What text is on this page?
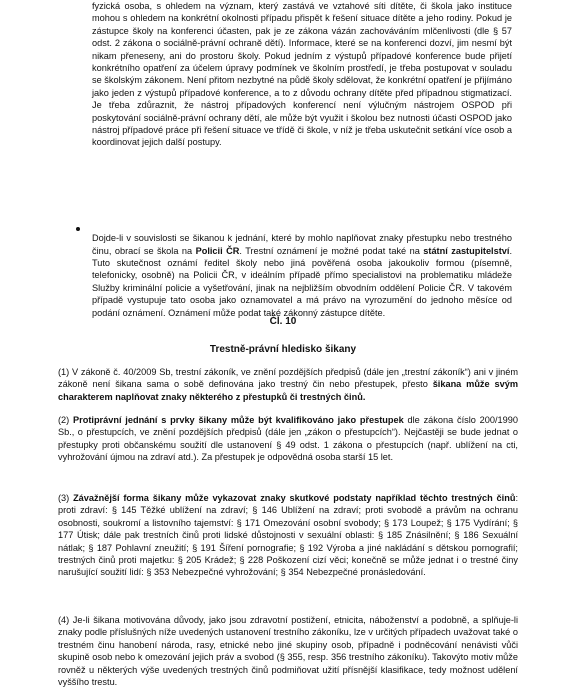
fyzická osoba, s ohledem na význam, který zastává ve vztahové síti dítěte, či škola jako instituce mohou s ohledem na konkrétní okolnosti případu přispět k řešení situace dítěte a jeho rodiny. Pokud je zástupce školy na konferenci účasten, pak je ze zákona vázán zachováváním mlčenlivosti (dle § 57 odst. 2 zákona o sociálně-právní ochraně dětí). Informace, které se na konferenci dozví, jim nesmí být nikam přeneseny, ani do prostoru školy. Pokud jedním z výstupů případové konference bude přijetí konkrétního opatření za účelem úpravy podmínek ve školním prostředí, je třeba postupovat v souladu se školským zákonem. Není přitom nezbytné na půdě školy sdělovat, že konkrétní opatření je přijímáno jako jeden z výstupů případové konference, a to z důvodu ochrany dítěte před případnou stigmatizací. Je třeba zdůraznit, že nástroj případových konferencí není výlučným nástrojem OSPOD při poskytování sociálně-právní ochrany dětí, ale může být využit i školou bez nutnosti účasti OSPOD jako nástroj případové práce při řešení situace ve třídě či škole, v níž je třeba uskutečnit setkání více osob a koordinovat jejich další postupy.

Dojde-li v souvislosti se šikanou k jednání, které by mohlo naplňovat znaky přestupku nebo trestného činu, obrací se škola na Policii ČR. Trestní oznámení je možné podat také na státní zastupitelství. Tuto skutečnost oznámí ředitel školy nebo jiná pověřená osoba jakoukoliv formou (písemně, telefonicky, osobně) na Policii ČR, v ideálním případě přímo specialistovi na problematiku mládeže Služby kriminální policie a vyšetřování, jinak na nejbližším obvodním oddělení Policie ČR. V takovém případě vystupuje tato osoba jako oznamovatel a má právo na vyrozumění do jednoho měsíce od podání oznámení. Oznámení může podat také zákonný zástupce dítěte.

Čl. 10
Trestně-právní hledisko šikany

(1) V zákoně č. 40/2009 Sb, trestní zákoník, ve znění pozdějších předpisů (dále jen „trestní zákoník“) ani v jiném zákoně není šikana sama o sobě definována jako trestný čin nebo přestupek, přesto šikana může svým charakterem naplňovat znaky některého z přestupků či trestných činů.

(2) Protiprávní jednání s prvky šikany může být kvalifikováno jako přestupek dle zákona číslo 200/1990 Sb., o přestupcích, ve znění pozdějších předpisů (dále jen „zákon o přestupcích“). Nejčastěji se bude jednat o přestupky proti občanskému soužití dle ustanovení § 49 odst. 1 zákona o přestupcích (např. ublížení na cti, vyhrožování újmou na zdraví atd.). Za přestupek je odpovědná osoba starší 15 let.

(3) Závažnější forma šikany může vykazovat znaky skutkové podstaty například těchto trestných činů: proti zdraví: § 145 Těžké ublížení na zdraví; § 146 Ublížení na zdraví; proti svobodě a právům na ochranu osobnosti, soukromí a listovního tajemství: § 171 Omezování osobní svobody; § 173 Loupež; § 175 Vydírání; § 177 Útisk; dále pak trestních činů proti lidské důstojnosti v sexuální oblasti: § 185 Znásilnění; § 186 Sexuální nátlak; § 187 Pohlavní zneužití; § 191 Šíření pornografie; § 192 Výroba a jiné nakládání s dětskou pornografií; trestných činů proti majetku: § 205 Krádež; § 228 Poškození cizí věci; konečně se může jednat i o trestné činy narušující soužití lidí: § 353 Nebezpečné vyhrožování; § 354 Nebezpečné pronásledování.

(4) Je-li šikana motivována důvody, jako jsou zdravotní postižení, etnicita, náboženství a podobně, a splňuje-li znaky podle příslušných níže uvedených ustanovení trestního zákoníku, lze v určitých případech uvažovat také o trestném činu hanobení národa, rasy, etnické nebo jiné skupiny osob, případně i podněcování nenávisti vůči skupině osob nebo k omezování jejich práv a svobod (§ 355, resp. 356 trestního zákoníku). Takovýto motiv může rovněž u některých výše uvedených trestných činů podmiňovat užití přísnější klasifikace, tedy možnost udělení vyššího trestu.
